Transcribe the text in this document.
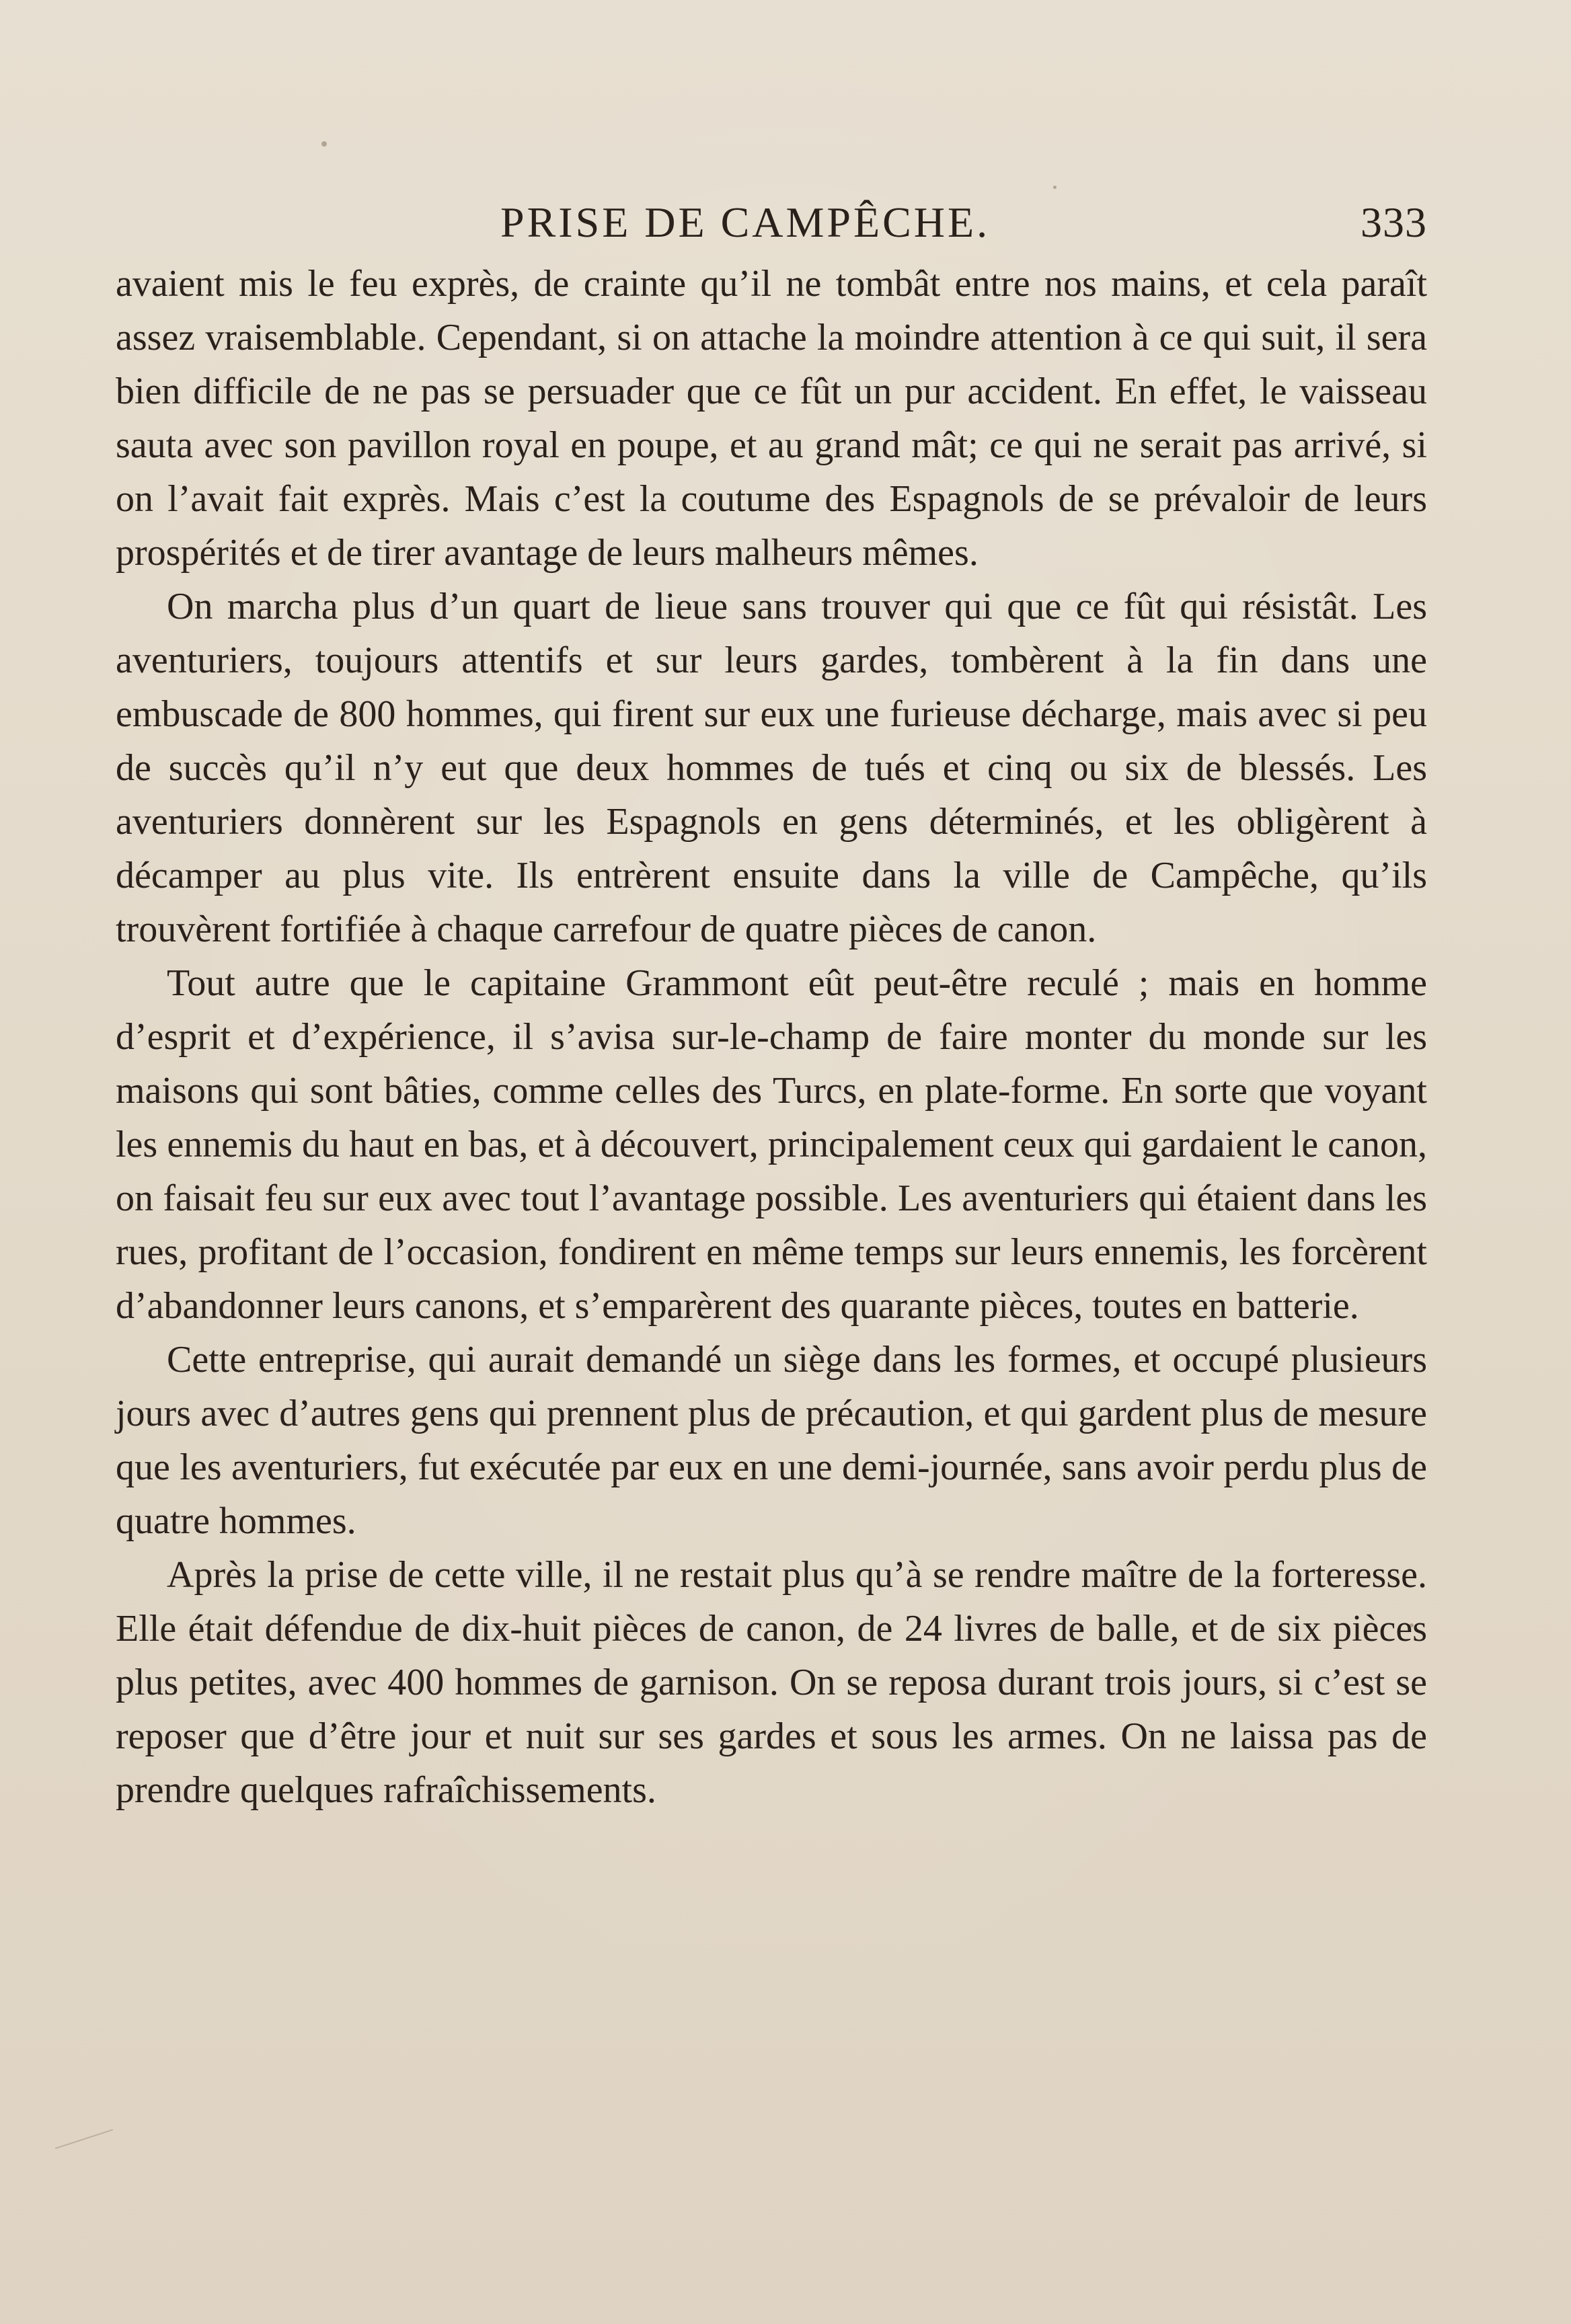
PRISE DE CAMPÊCHE.	333

avaient mis le feu exprès, de crainte qu’il ne tombât entre nos mains, et cela paraît assez vraisemblable. Cependant, si on attache la moindre attention à ce qui suit, il sera bien difficile de ne pas se persuader que ce fût un pur accident. En effet, le vaisseau sauta avec son pavillon royal en poupe, et au grand mât; ce qui ne serait pas arrivé, si on l’avait fait exprès. Mais c’est la coutume des Espagnols de se prévaloir de leurs prospérités et de tirer avantage de leurs malheurs mêmes.

On marcha plus d’un quart de lieue sans trouver qui que ce fût qui résistât. Les aventuriers, toujours attentifs et sur leurs gardes, tombèrent à la fin dans une embuscade de 800 hommes, qui firent sur eux une furieuse décharge, mais avec si peu de succès qu’il n’y eut que deux hommes de tués et cinq ou six de blessés. Les aventuriers donnèrent sur les Espagnols en gens déterminés, et les obligèrent à décamper au plus vite. Ils entrèrent ensuite dans la ville de Campêche, qu’ils trouvèrent fortifiée à chaque carrefour de quatre pièces de canon.

Tout autre que le capitaine Grammont eût peut-être reculé ; mais en homme d’esprit et d’expérience, il s’avisa sur-le-champ de faire monter du monde sur les maisons qui sont bâties, comme celles des Turcs, en plate-forme. En sorte que voyant les ennemis du haut en bas, et à découvert, principalement ceux qui gardaient le canon, on faisait feu sur eux avec tout l’avantage possible. Les aventuriers qui étaient dans les rues, profitant de l’occasion, fondirent en même temps sur leurs ennemis, les forcèrent d’abandonner leurs canons, et s’emparèrent des quarante pièces, toutes en batterie.

Cette entreprise, qui aurait demandé un siège dans les formes, et occupé plusieurs jours avec d’autres gens qui prennent plus de précaution, et qui gardent plus de mesure que les aventuriers, fut exécutée par eux en une demi-journée, sans avoir perdu plus de quatre hommes.

Après la prise de cette ville, il ne restait plus qu’à se rendre maître de la forteresse. Elle était défendue de dix-huit pièces de canon, de 24 livres de balle, et de six pièces plus petites, avec 400 hommes de garnison. On se reposa durant trois jours, si c’est se reposer que d’être jour et nuit sur ses gardes et sous les armes. On ne laissa pas de prendre quelques rafraîchissements.
